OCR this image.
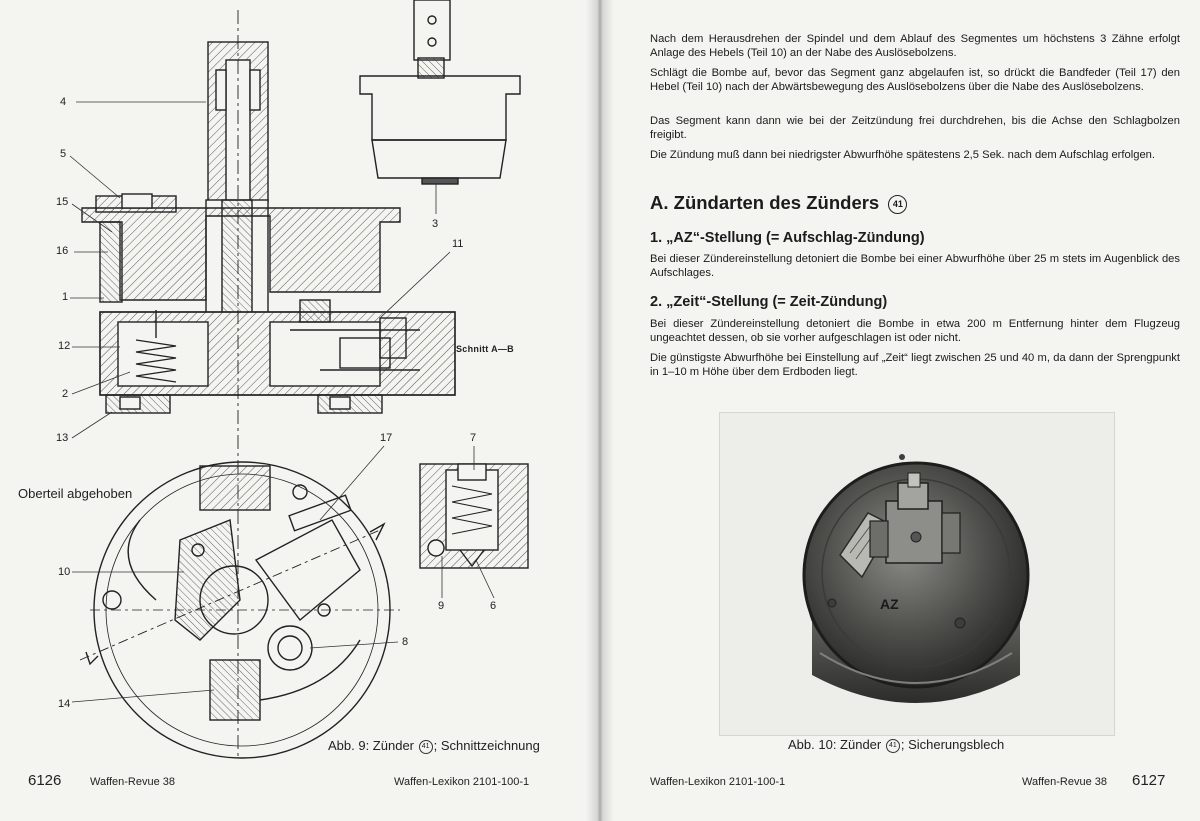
4
5
15
16
1
12
2
13
3
11
17	7
10
14
8
9	6
Schnitt A—B
Oberteil abgehoben
Abb. 9: Zünder 41 ; Schnittzeichnung
6126	Waffen-Revue 38	Waffen-Lexikon 2101-100-1

Nach dem Herausdrehen der Spindel und dem Ablauf des Segmentes um höchstens 3 Zähne erfolgt Anlage des Hebels (Teil 10) an der Nabe des Auslösebolzens.

Schlägt die Bombe auf, bevor das Segment ganz abgelaufen ist, so drückt die Bandfeder (Teil 17) den Hebel (Teil 10) nach der Abwärtsbewegung des Auslösebolzens über die Nabe des Auslösebolzens.

Das Segment kann dann wie bei der Zeitzündung frei durchdrehen, bis die Achse den Schlagbolzen freigibt.

Die Zündung muß dann bei niedrigster Abwurfhöhe spätestens 2,5 Sek. nach dem Aufschlag erfolgen.

A. Zündarten des Zünders 41
1. „AZ“-Stellung (= Aufschlag-Zündung)

Bei dieser Zündereinstellung detoniert die Bombe bei einer Abwurfhöhe über 25 m stets im Augenblick des Aufschlages.

2. „Zeit“-Stellung (= Zeit-Zündung)

Bei dieser Zündereinstellung detoniert die Bombe in etwa 200 m Entfernung hinter dem Flugzeug ungeachtet dessen, ob sie vorher aufgeschlagen ist oder nicht.

Die günstigste Abwurfhöhe bei Einstellung auf „Zeit“ liegt zwischen 25 und 40 m, da dann der Sprengpunkt in 1–10 m Höhe über dem Erdboden liegt.

AZ
Abb. 10: Zünder 41 ; Sicherungsblech
Waffen-Lexikon 2101-100-1	Waffen-Revue 38 6127
